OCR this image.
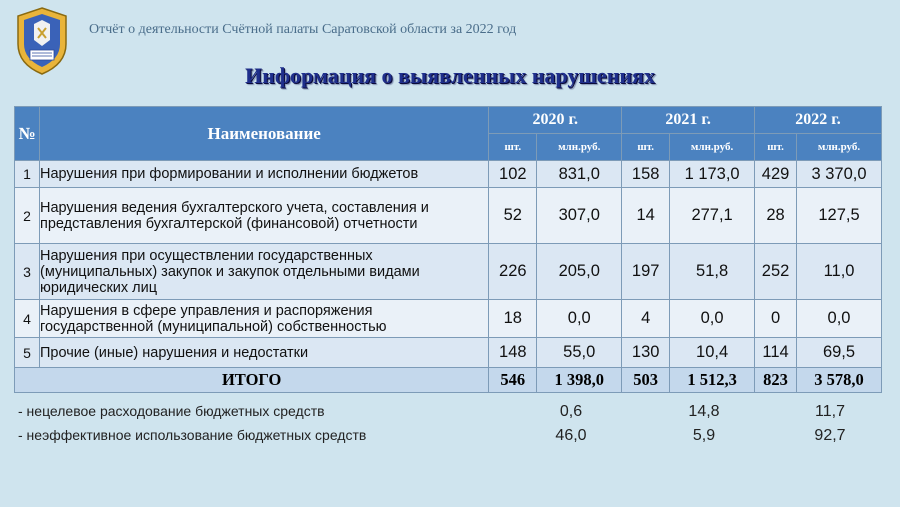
Отчёт о деятельности Счётной палаты Саратовской области за 2022 год
Информация о выявленных нарушениях
№	Наименование	2020 г.		2021 г.		2022 г.	
		шт.	млн.руб.	шт.	млн.руб.	шт.	млн.руб.
1	Нарушения при формировании и исполнении бюджетов	102	831,0	158	1 173,0	429	3 370,0
2	Нарушения ведения бухгалтерского учета, составления и представления бухгалтерской (финансовой) отчетности	52	307,0	14	277,1	28	127,5
3	Нарушения при осуществлении государственных (муниципальных) закупок и закупок отдельными видами юридических лиц	226	205,0	197	51,8	252	11,0
4	Нарушения в сфере управления и распоряжения государственной (муниципальной) собственностью	18	0,0	4	0,0	0	0,0
5	Прочие (иные) нарушения и недостатки	148	55,0	130	10,4	114	69,5
ИТОГО		546	1 398,0	503	1 512,3	823	3 578,0
- нецелевое расходование бюджетных средств	0,6	14,8	11,7
- неэффективное использование бюджетных средств	46,0	5,9	92,7
